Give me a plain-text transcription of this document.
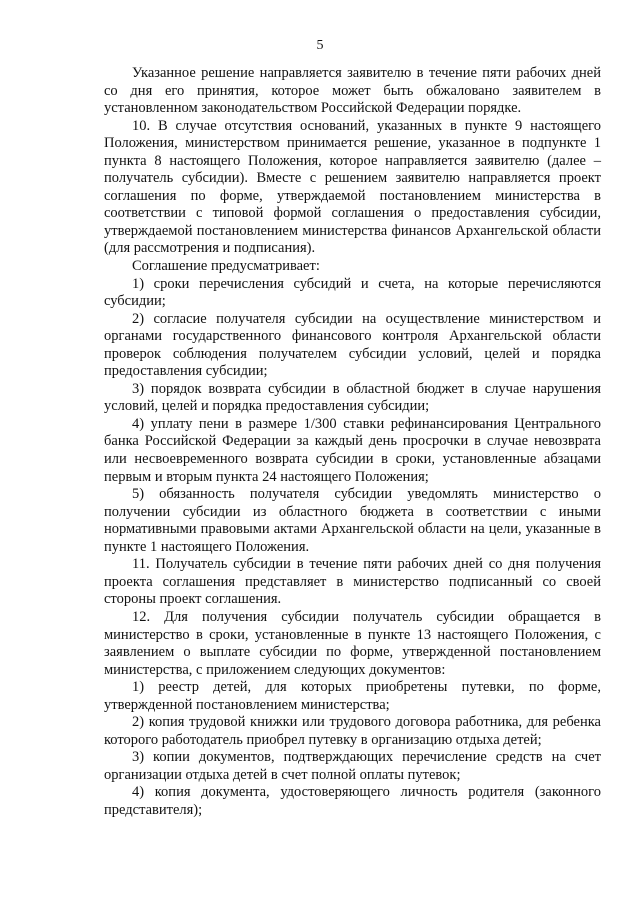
5

Указанное решение направляется заявителю в течение пяти рабочих дней со дня его принятия, которое может быть обжаловано заявителем в установленном законодательством Российской Федерации порядке.

10. В случае отсутствия оснований, указанных в пункте 9 настоящего Положения, министерством принимается решение, указанное в подпункте 1 пункта 8 настоящего Положения, которое направляется заявителю (далее – получатель субсидии). Вместе с решением заявителю направляется проект соглашения по форме, утверждаемой постановлением министерства в соответствии с типовой формой соглашения о предоставления субсидии, утверждаемой постановлением министерства финансов Архангельской области (для рассмотрения и подписания).

Соглашение предусматривает:

1) сроки перечисления субсидий и счета, на которые перечисляются субсидии;

2) согласие получателя субсидии на осуществление министерством и органами государственного финансового контроля Архангельской области проверок соблюдения получателем субсидии условий, целей и порядка предоставления субсидии;

3) порядок возврата субсидии в областной бюджет в случае нарушения условий, целей и порядка предоставления субсидии;

4) уплату пени в размере 1/300 ставки рефинансирования Центрального банка Российской Федерации за каждый день просрочки в случае невозврата или несвоевременного возврата субсидии в сроки, установленные абзацами первым и вторым пункта 24 настоящего Положения;

5) обязанность получателя субсидии уведомлять министерство о получении субсидии из областного бюджета в соответствии с иными нормативными правовыми актами Архангельской области на цели, указанные в пункте 1 настоящего Положения.

11. Получатель субсидии в течение пяти рабочих дней со дня получения проекта соглашения представляет в министерство подписанный со своей стороны проект соглашения.

12. Для получения субсидии получатель субсидии обращается в министерство в сроки, установленные в пункте 13 настоящего Положения, с заявлением о выплате субсидии по форме, утвержденной постановлением министерства, с приложением следующих документов:

1) реестр детей, для которых приобретены путевки, по форме, утвержденной постановлением министерства;

2) копия трудовой книжки или трудового договора работника, для ребенка которого работодатель приобрел путевку в организацию отдыха детей;

3) копии документов, подтверждающих перечисление средств на счет организации отдыха детей в счет полной оплаты путевок;

4) копия документа, удостоверяющего личность родителя (законного представителя);
